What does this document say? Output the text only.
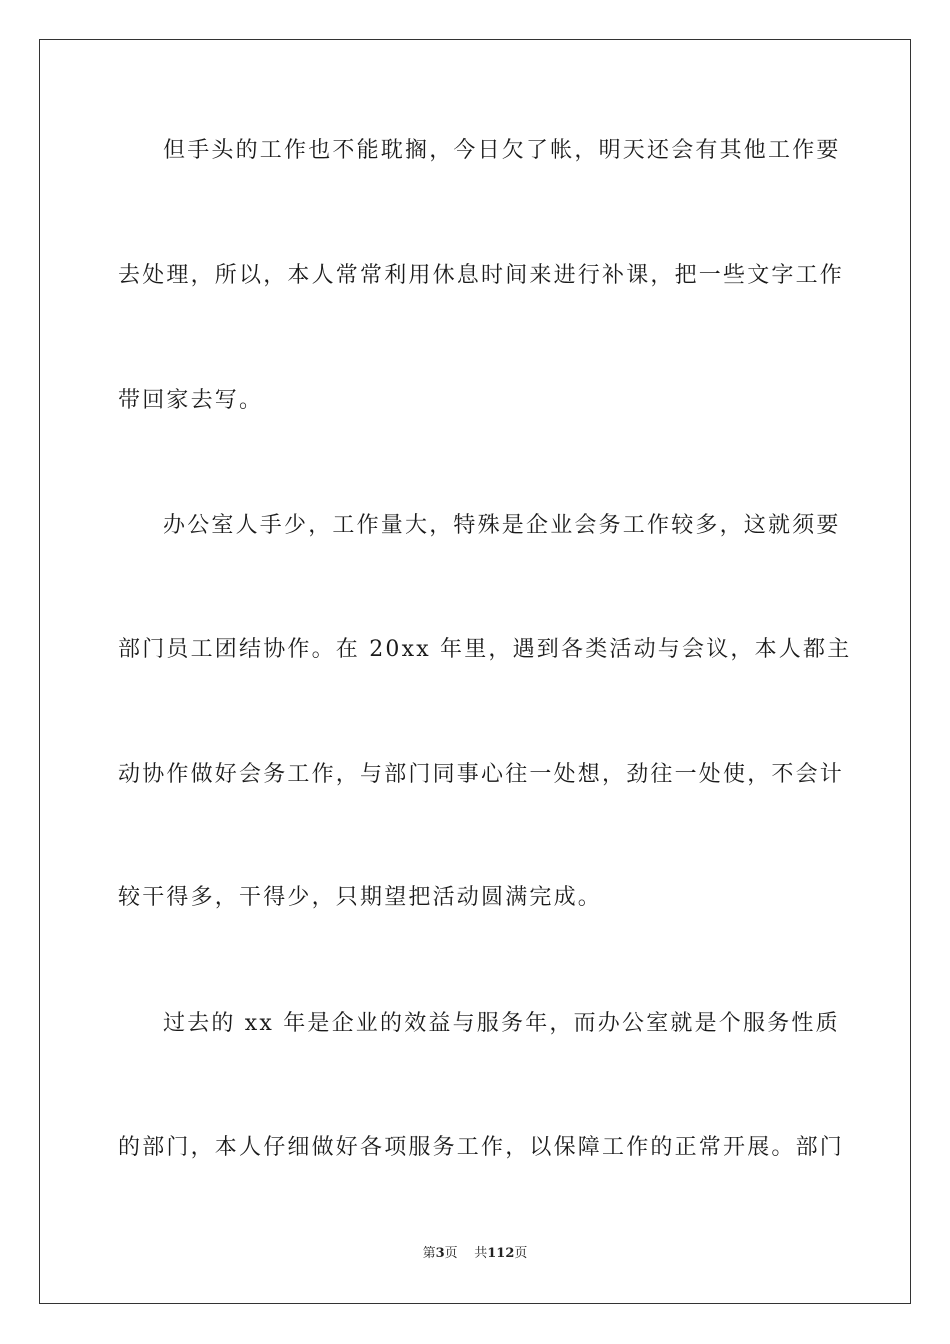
但手头的工作也不能耽搁，今日欠了帐，明天还会有其他工作要
去处理，所以，本人常常利用休息时间来进行补课，把一些文字工作
带回家去写。
办公室人手少，工作量大，特殊是企业会务工作较多，这就须要
部门员工团结协作。在 20xx 年里，遇到各类活动与会议，本人都主
动协作做好会务工作，与部门同事心往一处想，劲往一处使，不会计
较干得多，干得少，只期望把活动圆满完成。
过去的 xx 年是企业的效益与服务年，而办公室就是个服务性质
的部门，本人仔细做好各项服务工作，以保障工作的正常开展。部门
第3页 共112页
